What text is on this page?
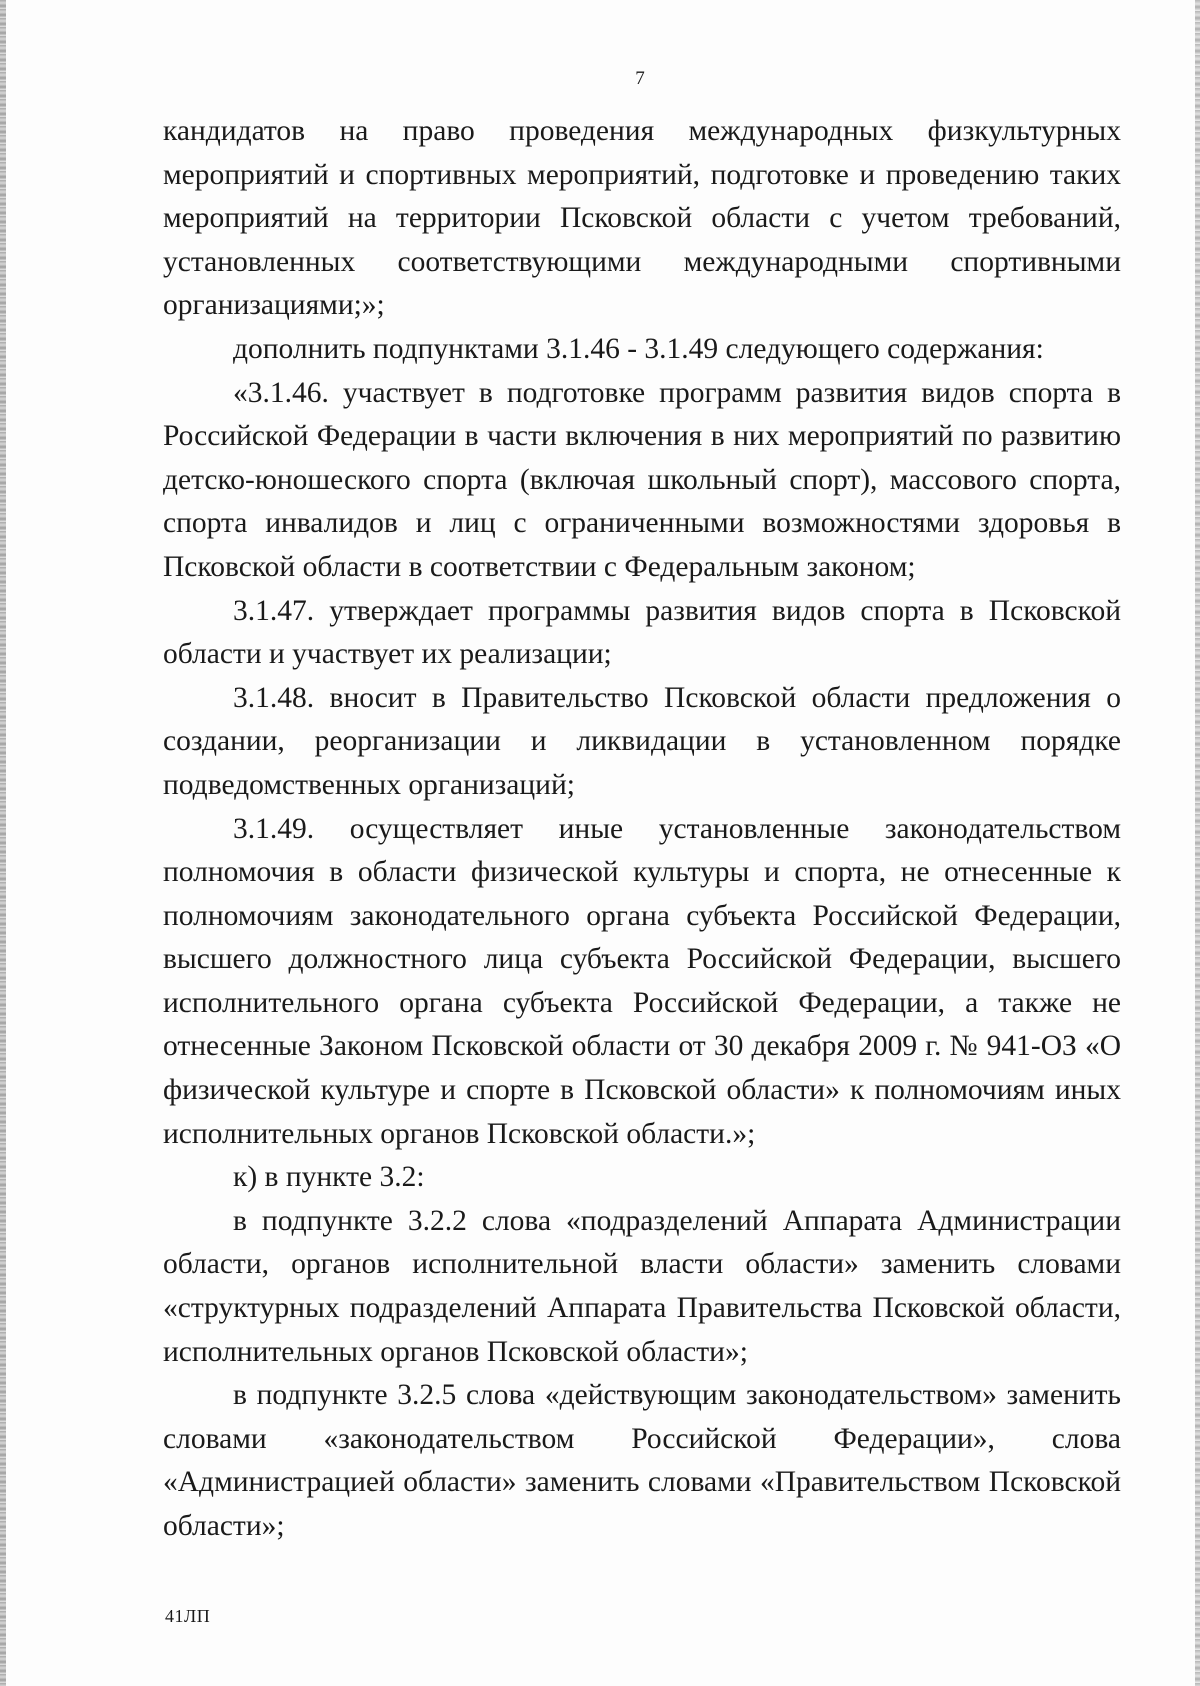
7

кандидатов на право проведения международных физкультурных мероприятий и спортивных мероприятий, подготовке и проведению таких мероприятий на территории Псковской области с учетом требований, установленных соответствующими международными спортивными организациями;»;

дополнить подпунктами 3.1.46 - 3.1.49 следующего содержания:

«3.1.46. участвует в подготовке программ развития видов спорта в Российской Федерации в части включения в них мероприятий по развитию детско-юношеского спорта (включая школьный спорт), массового спорта, спорта инвалидов и лиц с ограниченными возможностями здоровья в Псковской области в соответствии с Федеральным законом;

3.1.47. утверждает программы развития видов спорта в Псковской области и участвует их реализации;

3.1.48. вносит в Правительство Псковской области предложения о создании, реорганизации и ликвидации в установленном порядке подведомственных организаций;

3.1.49. осуществляет иные установленные законодательством полномочия в области физической культуры и спорта, не отнесенные к полномочиям законодательного органа субъекта Российской Федерации, высшего должностного лица субъекта Российской Федерации, высшего исполнительного органа субъекта Российской Федерации, а также не отнесенные Законом Псковской области от 30 декабря 2009 г. № 941-ОЗ «О физической культуре и спорте в Псковской области» к полномочиям иных исполнительных органов Псковской области.»;

к) в пункте 3.2:

в подпункте 3.2.2 слова «подразделений Аппарата Администрации области, органов исполнительной власти области» заменить словами «структурных подразделений Аппарата Правительства Псковской области, исполнительных органов Псковской области»;

в подпункте 3.2.5 слова «действующим законодательством» заменить словами «законодательством Российской Федерации», слова «Администрацией области» заменить словами «Правительством Псковской области»;

41ЛП
